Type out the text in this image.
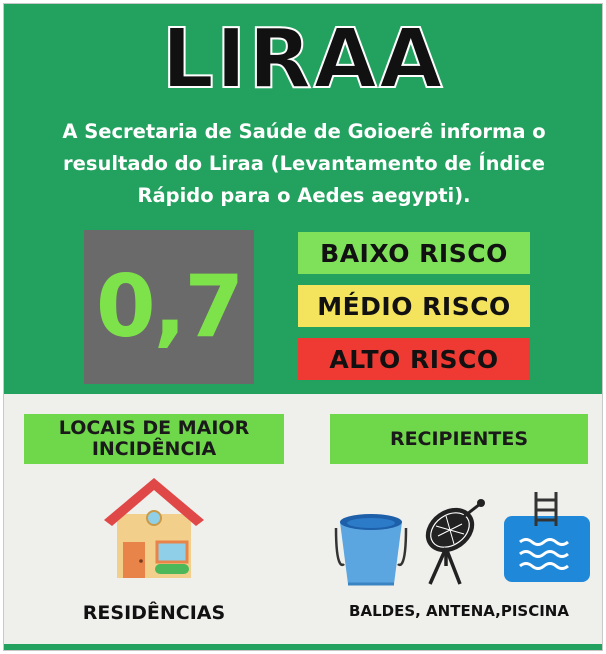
LIRAA
A Secretaria de Saúde de Goioerê informa o resultado do Liraa (Levantamento de Índice Rápido para o Aedes aegypti).
0,7
BAIXO RISCO
MÉDIO RISCO
ALTO RISCO
LOCAIS DE MAIOR INCIDÊNCIA	RECIPIENTES
RESIDÊNCIAS	BALDES, ANTENA,PISCINA
